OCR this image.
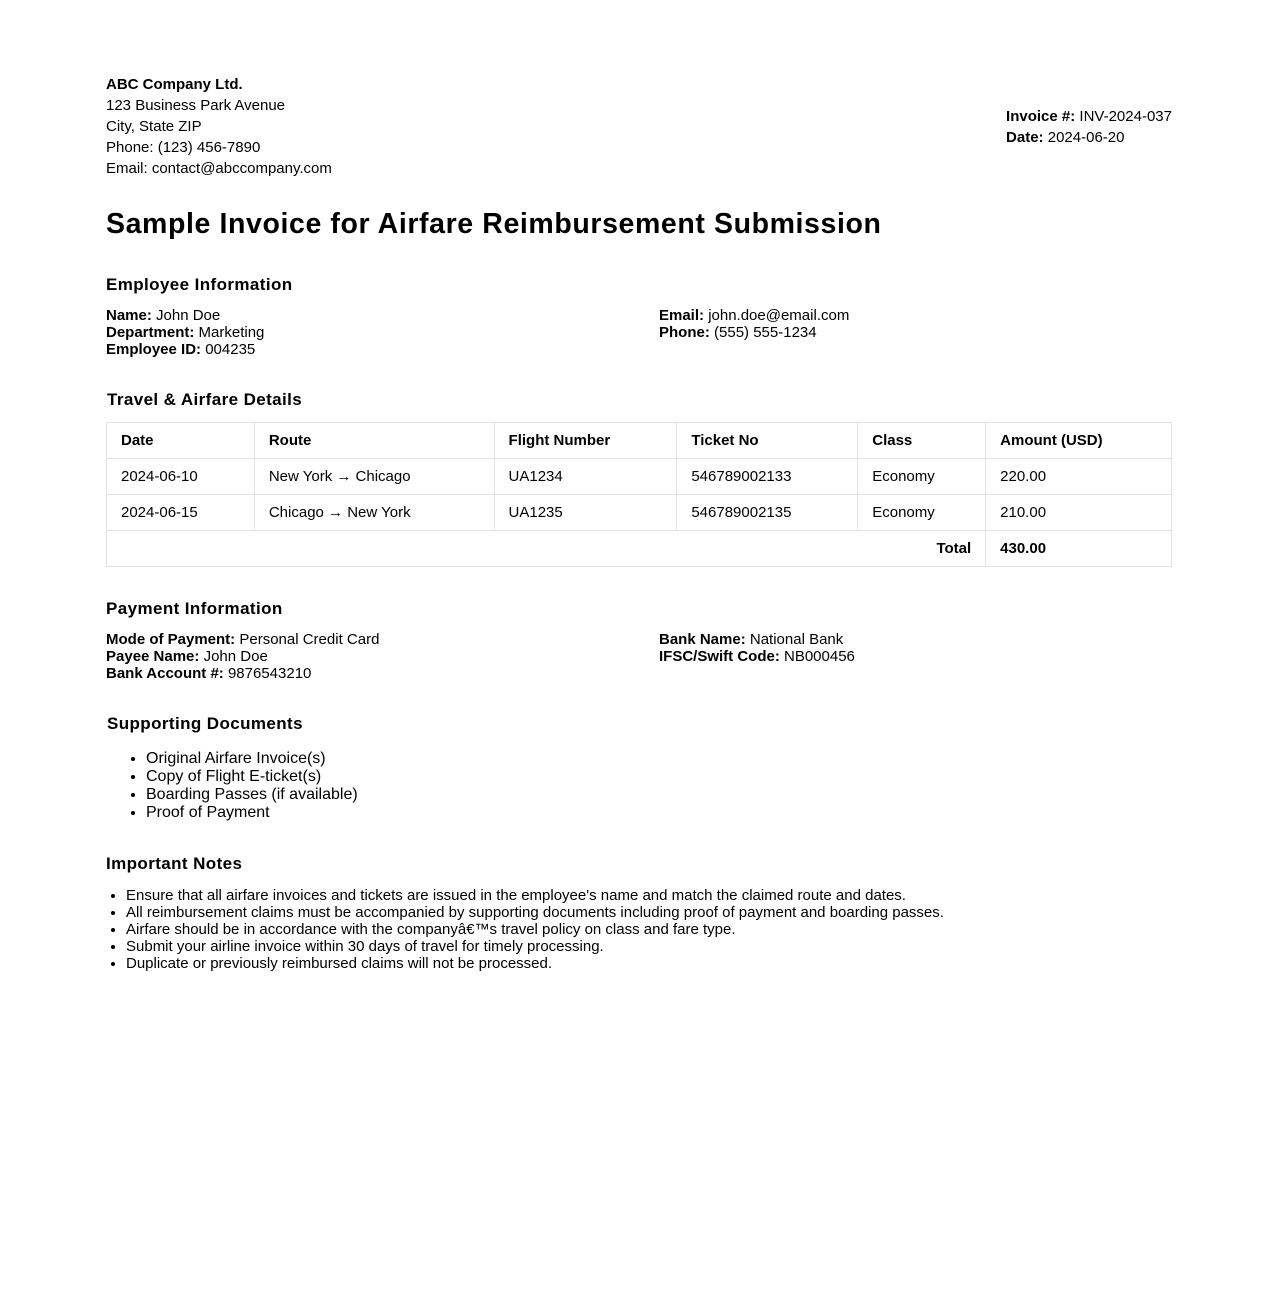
ABC Company Ltd.
123 Business Park Avenue
City, State ZIP
Phone: (123) 456-7890
Email: contact@abccompany.com
Invoice #: INV-2024-037
Date: 2024-06-20
Sample Invoice for Airfare Reimbursement Submission
Employee Information
Name: John Doe
Department: Marketing
Employee ID: 004235
Email: john.doe@email.com
Phone: (555) 555-1234
Travel & Airfare Details
Date	Route	Flight Number	Ticket No	Class	Amount (USD)
2024-06-10	New York → Chicago	UA1234	546789002133	Economy	220.00
2024-06-15	Chicago → New York	UA1235	546789002135	Economy	210.00
Total					430.00
Payment Information
Mode of Payment: Personal Credit Card
Payee Name: John Doe
Bank Account #: 9876543210
Bank Name: National Bank
IFSC/Swift Code: NB000456
Supporting Documents
• Original Airfare Invoice(s)
• Copy of Flight E-ticket(s)
• Boarding Passes (if available)
• Proof of Payment
Important Notes
• Ensure that all airfare invoices and tickets are issued in the employee's name and match the claimed route and dates.
• All reimbursement claims must be accompanied by supporting documents including proof of payment and boarding passes.
• Airfare should be in accordance with the companyâ€™s travel policy on class and fare type.
• Submit your airline invoice within 30 days of travel for timely processing.
• Duplicate or previously reimbursed claims will not be processed.
